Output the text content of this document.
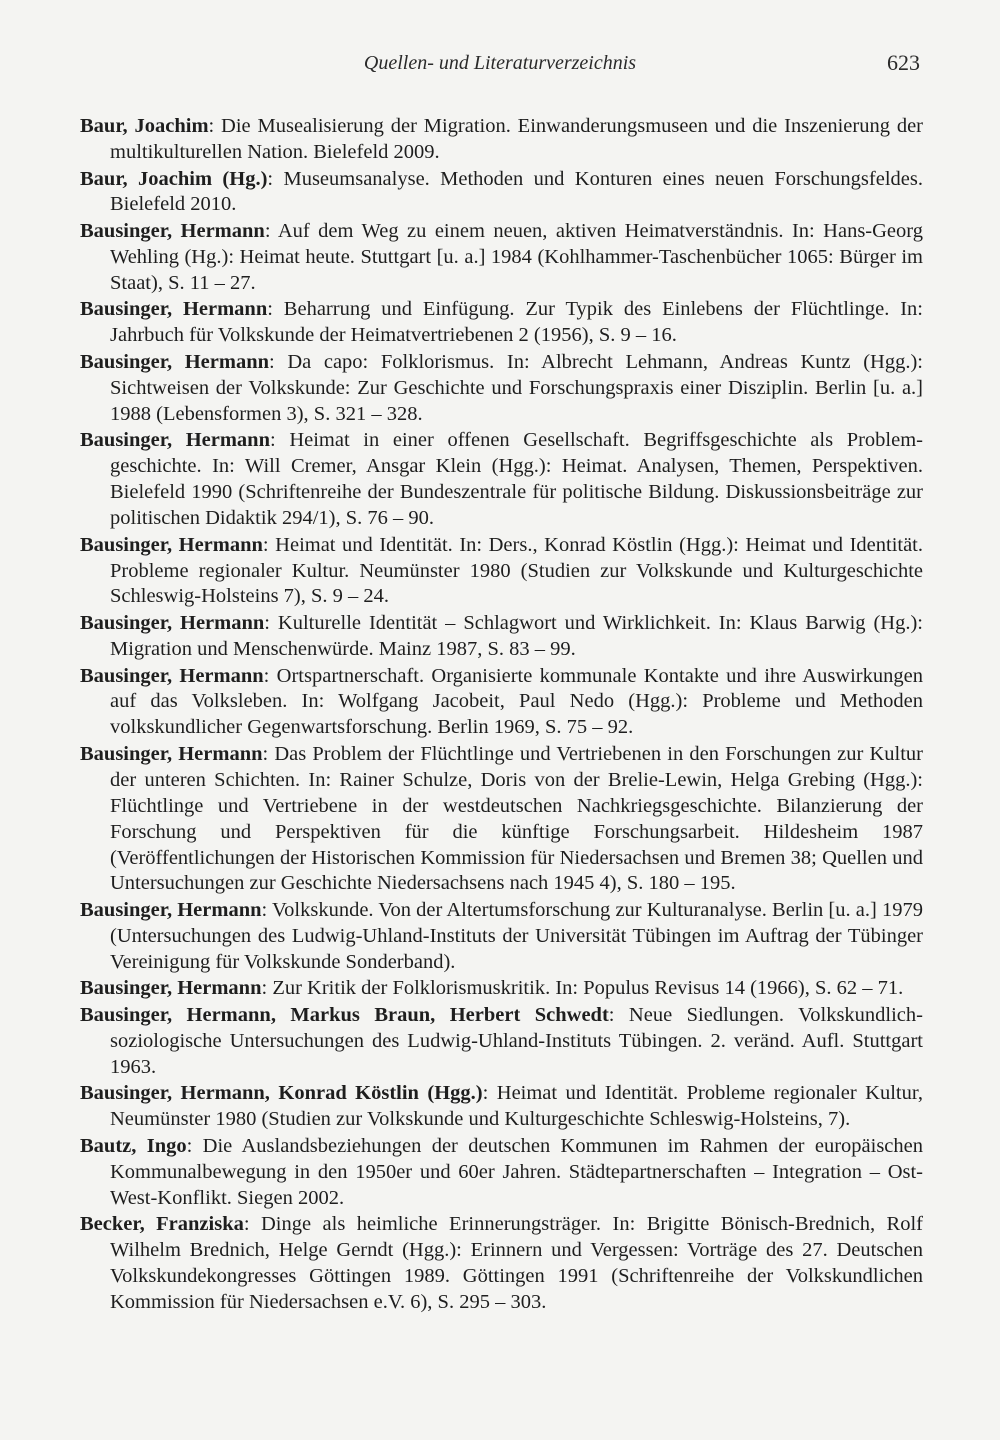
Quellen- und Literaturverzeichnis	623
Baur, Joachim: Die Musealisierung der Migration. Einwanderungsmuseen und die Inszenierung der multikulturellen Nation. Bielefeld 2009.
Baur, Joachim (Hg.): Museumsanalyse. Methoden und Konturen eines neuen Forschungsfeldes. Bielefeld 2010.
Bausinger, Hermann: Auf dem Weg zu einem neuen, aktiven Heimatverständnis. In: Hans-Georg Wehling (Hg.): Heimat heute. Stuttgart [u. a.] 1984 (Kohlhammer-Taschenbücher 1065: Bürger im Staat), S. 11 – 27.
Bausinger, Hermann: Beharrung und Einfügung. Zur Typik des Einlebens der Flüchtlinge. In: Jahrbuch für Volkskunde der Heimatvertriebenen 2 (1956), S. 9 – 16.
Bausinger, Hermann: Da capo: Folklorismus. In: Albrecht Lehmann, Andreas Kuntz (Hgg.): Sichtweisen der Volkskunde: Zur Geschichte und Forschungspraxis einer Disziplin. Berlin [u. a.] 1988 (Lebensformen 3), S. 321 – 328.
Bausinger, Hermann: Heimat in einer offenen Gesellschaft. Begriffsgeschichte als Problemgeschichte. In: Will Cremer, Ansgar Klein (Hgg.): Heimat. Analysen, Themen, Perspektiven. Bielefeld 1990 (Schriftenreihe der Bundeszentrale für politische Bildung. Diskussionsbeiträge zur politischen Didaktik 294/1), S. 76 – 90.
Bausinger, Hermann: Heimat und Identität. In: Ders., Konrad Köstlin (Hgg.): Heimat und Identität. Probleme regionaler Kultur. Neumünster 1980 (Studien zur Volkskunde und Kulturgeschichte Schleswig-Holsteins 7), S. 9 – 24.
Bausinger, Hermann: Kulturelle Identität – Schlagwort und Wirklichkeit. In: Klaus Barwig (Hg.): Migration und Menschenwürde. Mainz 1987, S. 83 – 99.
Bausinger, Hermann: Ortspartnerschaft. Organisierte kommunale Kontakte und ihre Auswirkungen auf das Volksleben. In: Wolfgang Jacobeit, Paul Nedo (Hgg.): Probleme und Methoden volkskundlicher Gegenwartsforschung. Berlin 1969, S. 75 – 92.
Bausinger, Hermann: Das Problem der Flüchtlinge und Vertriebenen in den Forschungen zur Kultur der unteren Schichten. In: Rainer Schulze, Doris von der Brelie-Lewin, Helga Grebing (Hgg.): Flüchtlinge und Vertriebene in der westdeutschen Nachkriegsgeschichte. Bilanzierung der Forschung und Perspektiven für die künftige Forschungsarbeit. Hildesheim 1987 (Veröffentlichungen der Historischen Kommission für Niedersachsen und Bremen 38; Quellen und Untersuchungen zur Geschichte Niedersachsens nach 1945 4), S. 180 – 195.
Bausinger, Hermann: Volkskunde. Von der Altertumsforschung zur Kulturanalyse. Berlin [u. a.] 1979 (Untersuchungen des Ludwig-Uhland-Instituts der Universität Tübingen im Auftrag der Tübinger Vereinigung für Volkskunde Sonderband).
Bausinger, Hermann: Zur Kritik der Folklorismuskritik. In: Populus Revisus 14 (1966), S. 62 – 71.
Bausinger, Hermann, Markus Braun, Herbert Schwedt: Neue Siedlungen. Volkskundlich-soziologische Untersuchungen des Ludwig-Uhland-Instituts Tübingen. 2. veränd. Aufl. Stuttgart 1963.
Bausinger, Hermann, Konrad Köstlin (Hgg.): Heimat und Identität. Probleme regionaler Kultur, Neumünster 1980 (Studien zur Volkskunde und Kulturgeschichte Schleswig-Holsteins, 7).
Bautz, Ingo: Die Auslandsbeziehungen der deutschen Kommunen im Rahmen der europäischen Kommunalbewegung in den 1950er und 60er Jahren. Städtepartnerschaften – Integration – Ost-West-Konflikt. Siegen 2002.
Becker, Franziska: Dinge als heimliche Erinnerungsträger. In: Brigitte Bönisch-Brednich, Rolf Wilhelm Brednich, Helge Gerndt (Hgg.): Erinnern und Vergessen: Vorträge des 27. Deutschen Volkskundekongresses Göttingen 1989. Göttingen 1991 (Schriftenreihe der Volkskundlichen Kommission für Niedersachsen e.V. 6), S. 295 – 303.
